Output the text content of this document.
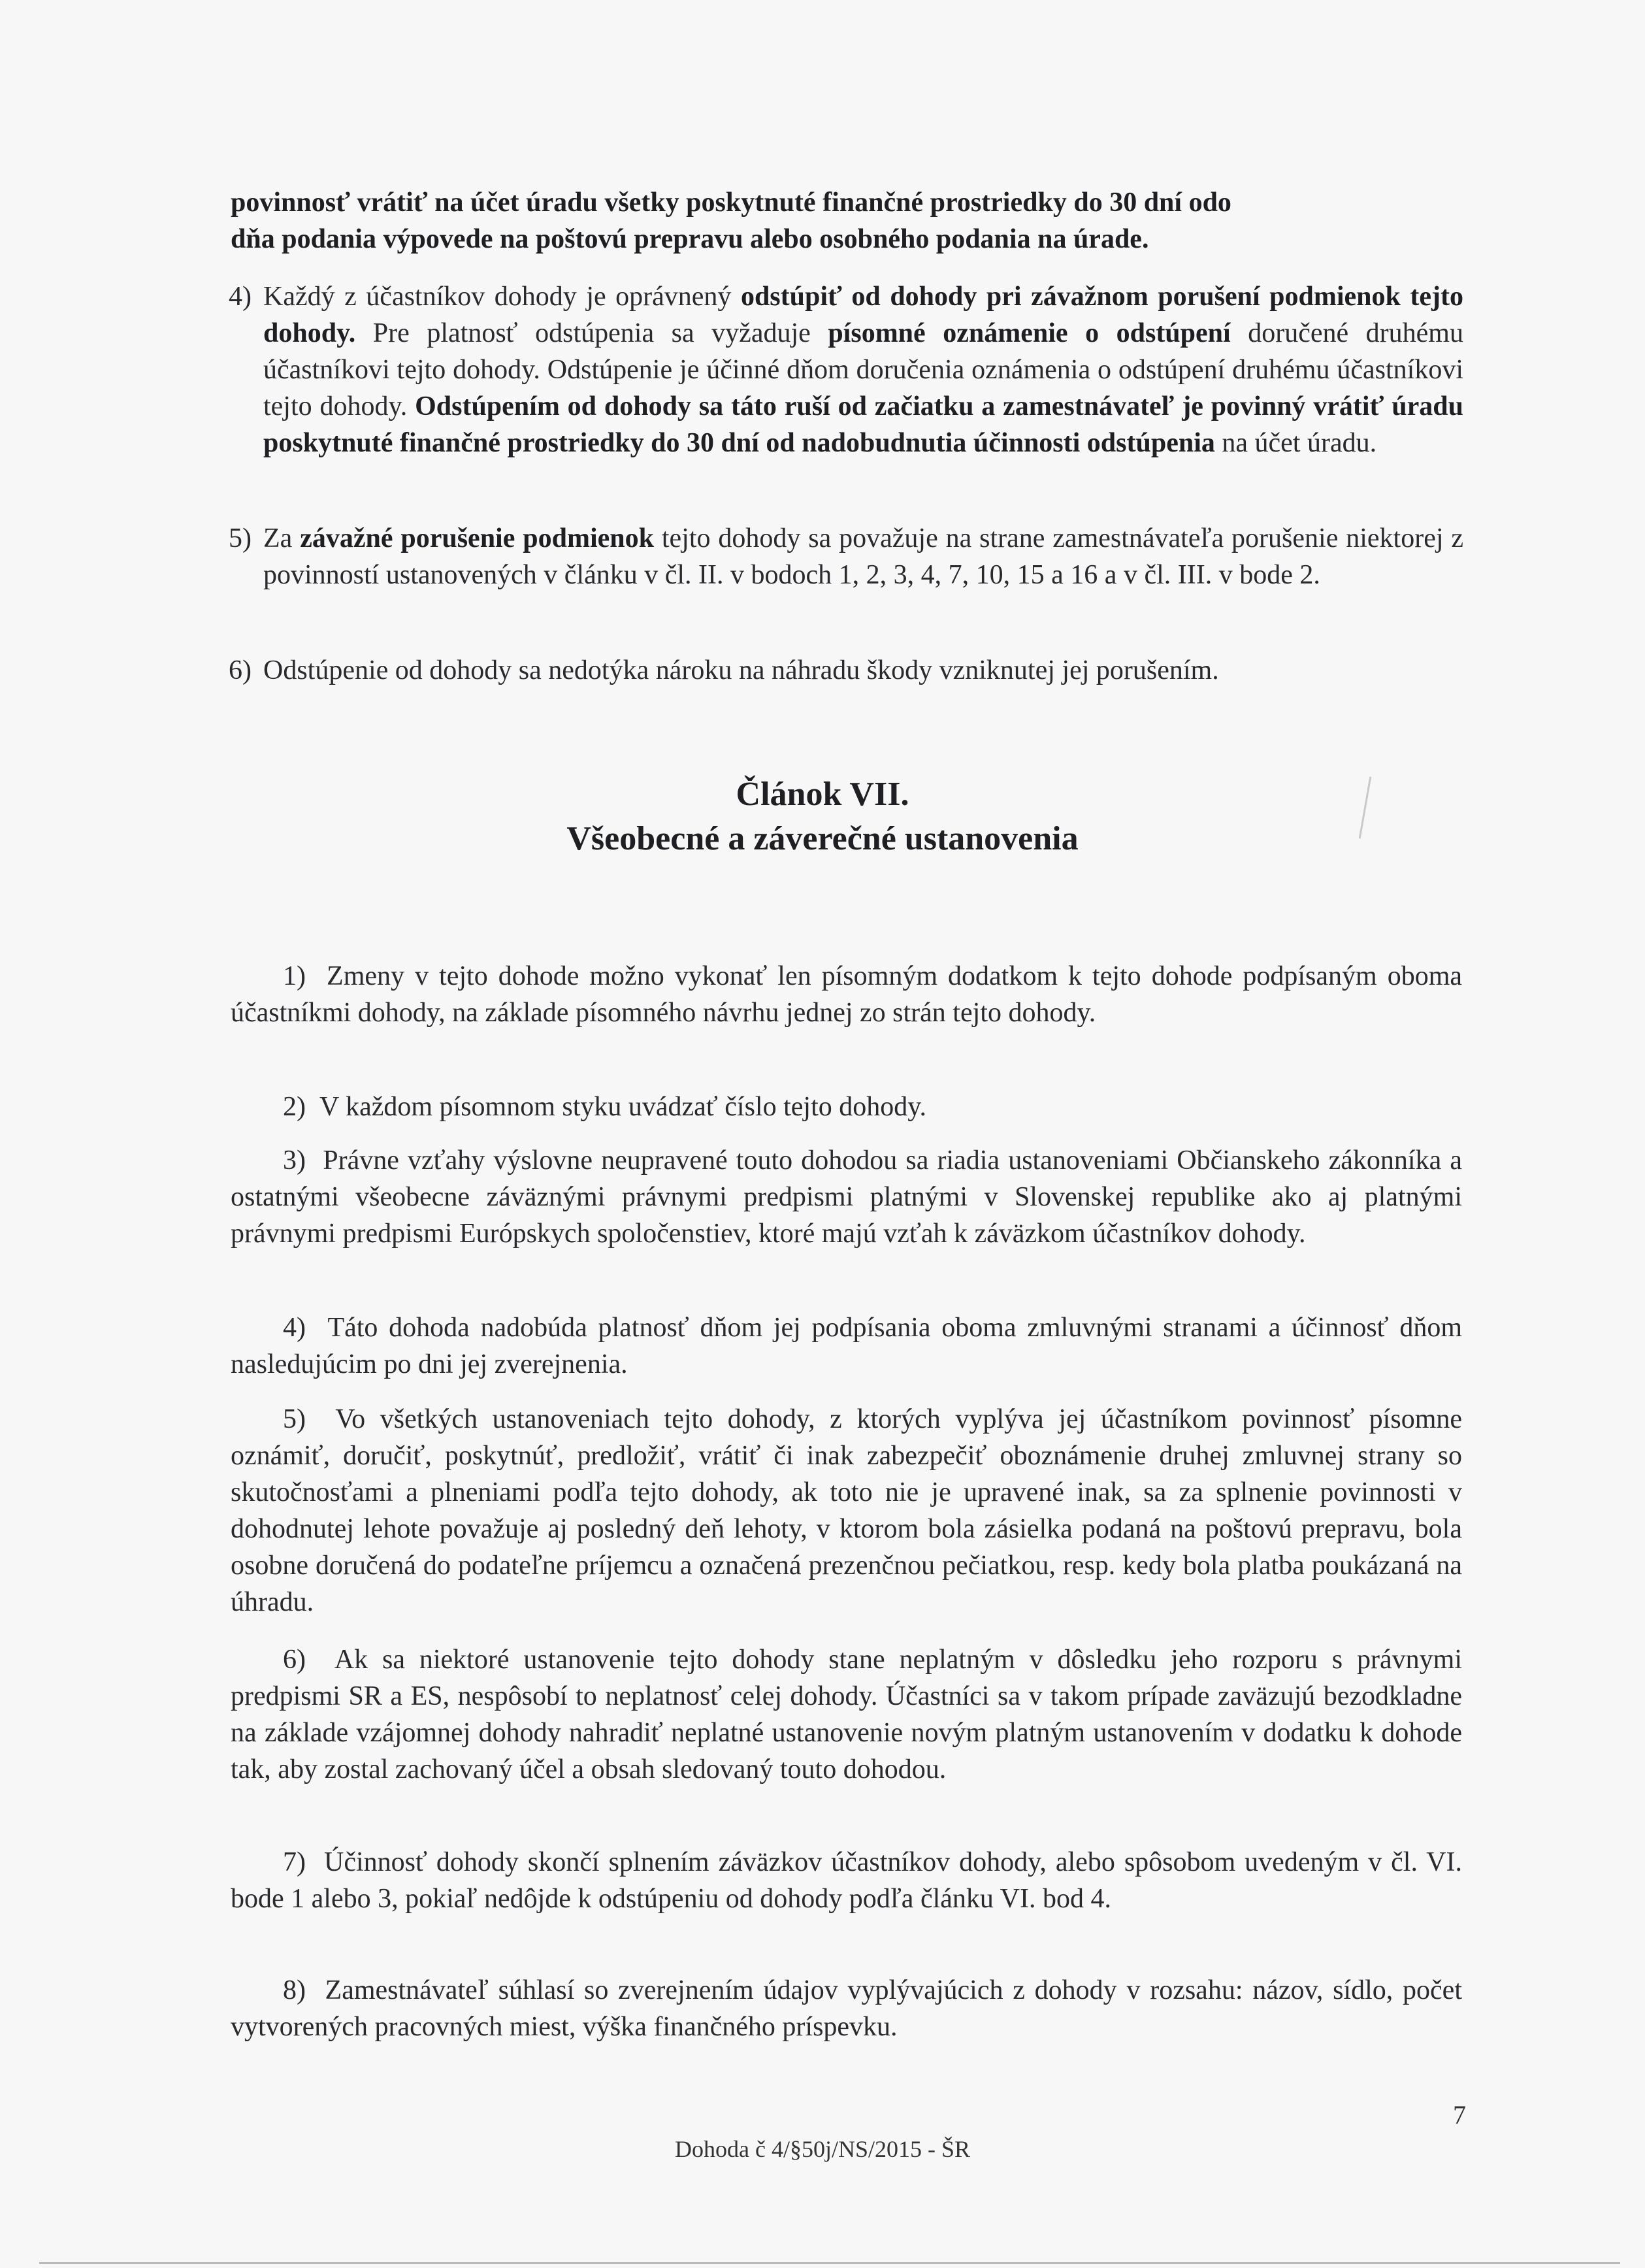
povinnosť vrátiť na účet úradu všetky poskytnuté finančné prostriedky do 30 dní odo
dňa podania výpovede na poštovú prepravu alebo osobného podania na úrade.
4) Každý z účastníkov dohody je oprávnený odstúpiť od dohody pri závažnom porušení podmienok tejto dohody. Pre platnosť odstúpenia sa vyžaduje písomné oznámenie o odstúpení doručené druhému účastníkovi tejto dohody. Odstúpenie je účinné dňom doručenia oznámenia o odstúpení druhému účastníkovi tejto dohody. Odstúpením od dohody sa táto ruší od začiatku a zamestnávateľ je povinný vrátiť úradu poskytnuté finančné prostriedky do 30 dní od nadobudnutia účinnosti odstúpenia na účet úradu.
5) Za závažné porušenie podmienok tejto dohody sa považuje na strane zamestnávateľa porušenie niektorej z povinností ustanovených v článku v čl. II. v bodoch 1, 2, 3, 4, 7, 10, 15 a 16 a v čl. III. v bode 2.
6) Odstúpenie od dohody sa nedotýka nároku na náhradu škody vzniknutej jej porušením.
Článok VII.
Všeobecné a záverečné ustanovenia
1) Zmeny v tejto dohode možno vykonať len písomným dodatkom k tejto dohode podpísaným oboma účastníkmi dohody, na základe písomného návrhu jednej zo strán tejto dohody.
2) V každom písomnom styku uvádzať číslo tejto dohody.
3) Právne vzťahy výslovne neupravené touto dohodou sa riadia ustanoveniami Občianskeho zákonníka a ostatnými všeobecne záväznými právnymi predpismi platnými v Slovenskej republike ako aj platnými právnymi predpismi Európskych spoločenstiev, ktoré majú vzťah k záväzkom účastníkov dohody.
4) Táto dohoda nadobúda platnosť dňom jej podpísania oboma zmluvnými stranami a účinnosť dňom nasledujúcim po dni jej zverejnenia.
5) Vo všetkých ustanoveniach tejto dohody, z ktorých vyplýva jej účastníkom povinnosť písomne oznámiť, doručiť, poskytnúť, predložiť, vrátiť či inak zabezpečiť oboznámenie druhej zmluvnej strany so skutočnosťami a plneniami podľa tejto dohody, ak toto nie je upravené inak, sa za splnenie povinnosti v dohodnutej lehote považuje aj posledný deň lehoty, v ktorom bola zásielka podaná na poštovú prepravu, bola osobne doručená do podateľne príjemcu a označená prezenčnou pečiatkou, resp. kedy bola platba poukázaná na úhradu.
6) Ak sa niektoré ustanovenie tejto dohody stane neplatným v dôsledku jeho rozporu s právnymi predpismi SR a ES, nespôsobí to neplatnosť celej dohody. Účastníci sa v takom prípade zaväzujú bezodkladne na základe vzájomnej dohody nahradiť neplatné ustanovenie novým platným ustanovením v dodatku k dohode tak, aby zostal zachovaný účel a obsah sledovaný touto dohodou.
7) Účinnosť dohody skončí splnením záväzkov účastníkov dohody, alebo spôsobom uvedeným v čl. VI. bode 1 alebo 3, pokiaľ nedôjde k odstúpeniu od dohody podľa článku VI. bod 4.
8) Zamestnávateľ súhlasí so zverejnením údajov vyplývajúcich z dohody v rozsahu: názov, sídlo, počet vytvorených pracovných miest, výška finančného príspevku.
7
Dohoda č 4/§50j/NS/2015 - ŠR
